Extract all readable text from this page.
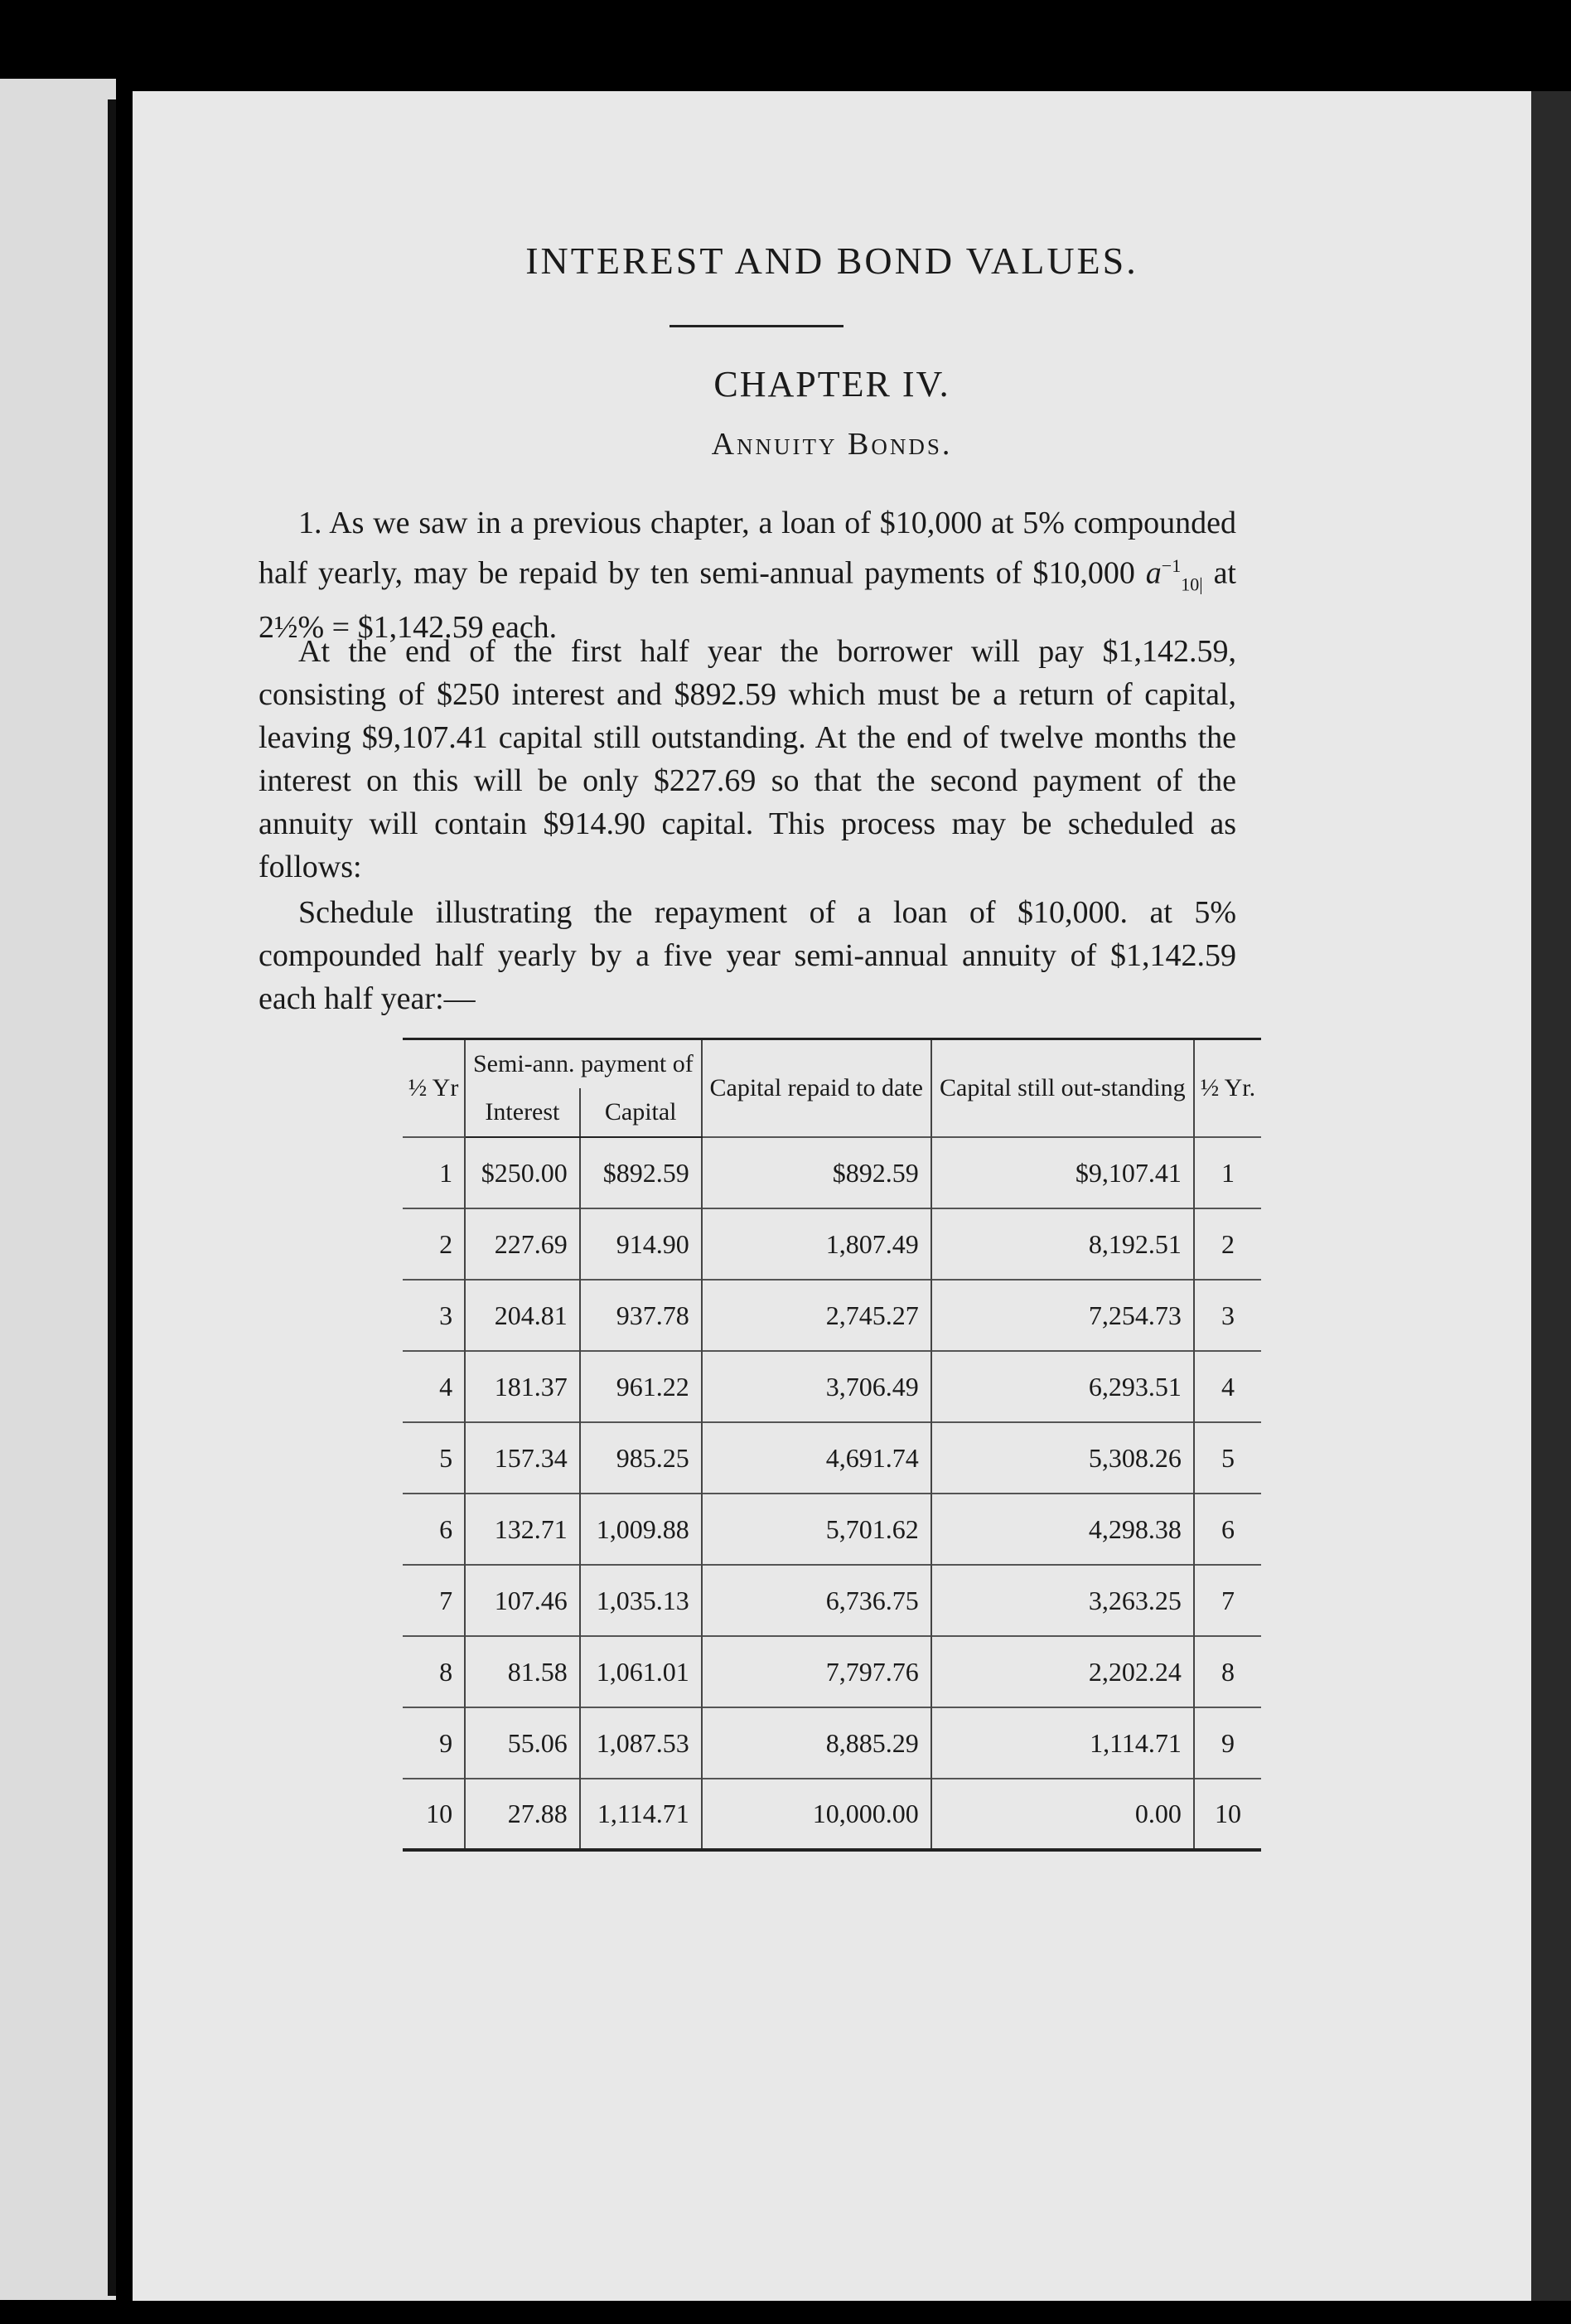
INTEREST AND BOND VALUES.
CHAPTER IV.
Annuity Bonds.

1. As we saw in a previous chapter, a loan of $10,000 at 5% compounded half yearly, may be repaid by ten semi-annual payments of $10,000 $a^{-1}_{10|}$ at 2½% = $1,142.59 each.

At the end of the first half year the borrower will pay $1,142.59, consisting of $250 interest and $892.59 which must be a return of capital, leaving $9,107.41 capital still outstanding. At the end of twelve months the interest on this will be only $227.69 so that the second payment of the annuity will contain $914.90 capital. This process may be scheduled as follows:

Schedule illustrating the repayment of a loan of $10,000. at 5% compounded half yearly by a five year semi-annual annuity of $1,142.59 each half year:—

½ Yr	Semi-ann. payment of		Capital repaid to date	Capital still out-standing	½ Yr.
	Interest	Capital			
1	$250.00	$892.59	$892.59	$9,107.41	1
2	227.69	914.90	1,807.49	8,192.51	2
3	204.81	937.78	2,745.27	7,254.73	3
4	181.37	961.22	3,706.49	6,293.51	4
5	157.34	985.25	4,691.74	5,308.26	5
6	132.71	1,009.88	5,701.62	4,298.38	6
7	107.46	1,035.13	6,736.75	3,263.25	7
8	81.58	1,061.01	7,797.76	2,202.24	8
9	55.06	1,087.53	8,885.29	1,114.71	9
10	27.88	1,114.71	10,000.00	0.00	10
